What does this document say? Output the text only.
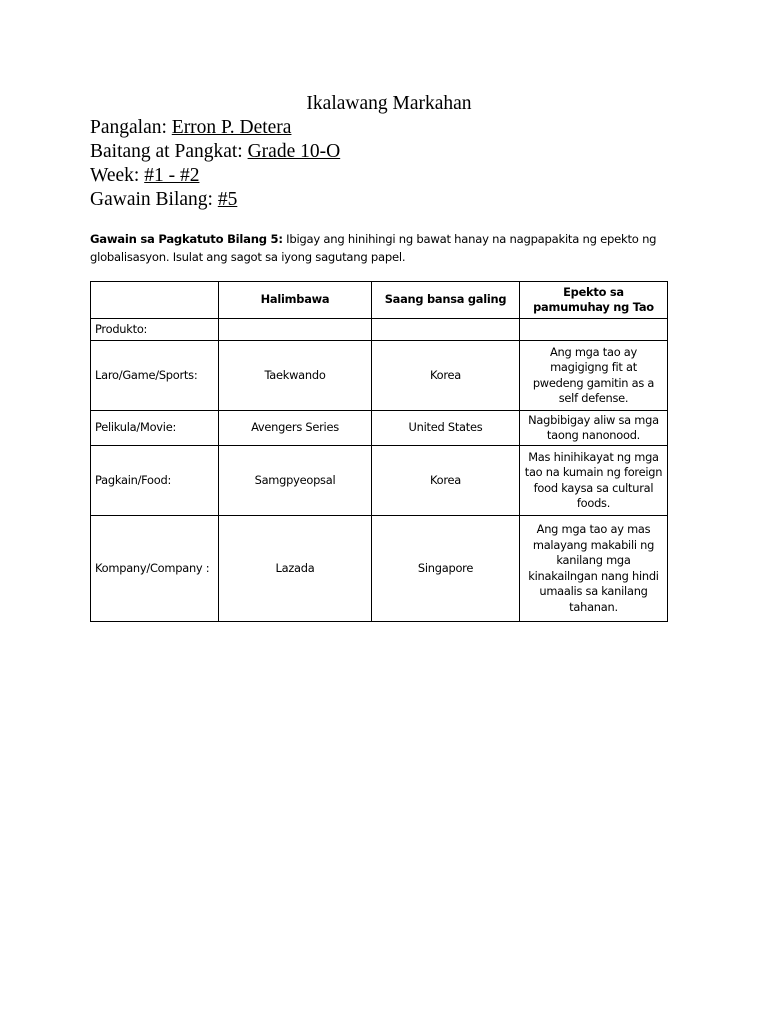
Ikalawang Markahan
Pangalan: Erron P. Detera
Baitang at Pangkat: Grade 10-O
Week: #1 - #2
Gawain Bilang: #5
Gawain sa Pagkatuto Bilang 5: Ibigay ang hinihingi ng bawat hanay na nagpapakita ng epekto ng globalisasyon. Isulat ang sagot sa iyong sagutang papel.
	Halimbawa	Saang bansa galing	Epekto sa pamumuhay ng Tao
Produkto:			
Laro/Game/Sports:	Taekwando	Korea	Ang mga tao ay magigigng fit at pwedeng gamitin as a self defense.
Pelikula/Movie:	Avengers Series	United States	Nagbibigay aliw sa mga taong nanonood.
Pagkain/Food:	Samgpyeopsal	Korea	Mas hinihikayat ng mga tao na kumain ng foreign food kaysa sa cultural foods.
Kompany/Company :	Lazada	Singapore	Ang mga tao ay mas malayang makabili ng kanilang mga kinakailngan nang hindi umaalis sa kanilang tahanan.
